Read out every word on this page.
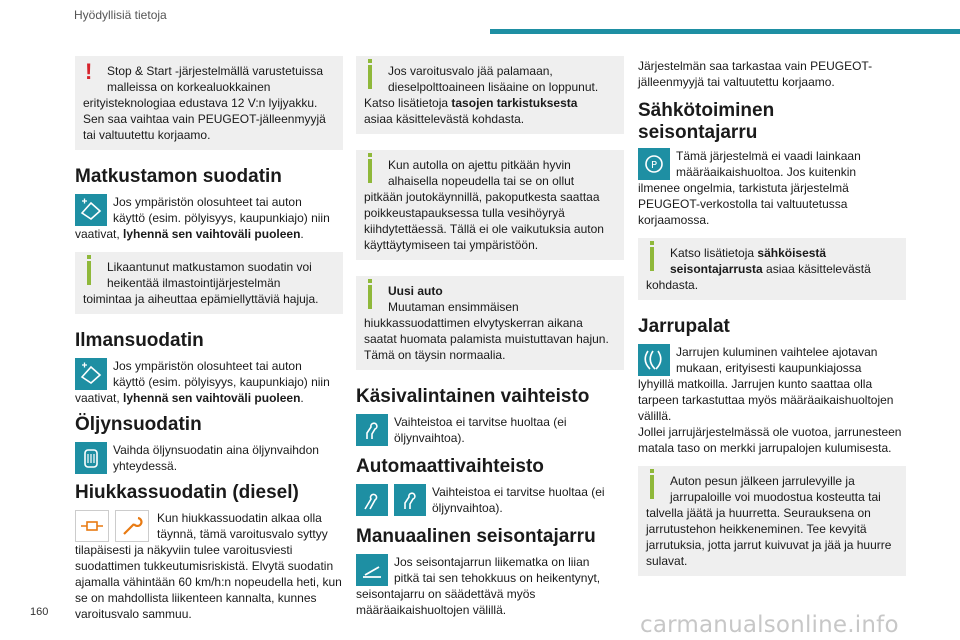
Hyödyllisiä tietoja
160	carmanualsonline.info
!	Stop & Start -järjestelmällä varustetuissa

malleissa on korkealuokkainen

erityisteknologiaa edustava 12 V:n lyijyakku. Sen saa vaihtaa vain PEUGEOT-jälleenmyyjä tai valtuutettu korjaamo.

Matkustamon suodatin

Jos ympäristön olosuhteet tai auton

käyttö (esim. pölyisyys, kaupunkiajo) niin

vaativat, lyhennä sen vaihtoväli puoleen.

Likaantunut matkustamon suodatin voi

heikentää ilmastointijärjestelmän

toimintaa ja aiheuttaa epämiellyttäviä hajuja.

Ilmansuodatin

Jos ympäristön olosuhteet tai auton

käyttö (esim. pölyisyys, kaupunkiajo) niin

vaativat, lyhennä sen vaihtoväli puoleen.

Öljynsuodatin

Vaihda öljynsuodatin aina öljynvaihdon

yhteydessä.

Hiukkassuodatin (diesel)

Kun hiukkassuodatin alkaa olla

täynnä, tämä varoitusvalo syttyy

tilapäisesti ja näkyviin tulee varoitusviesti suodattimen tukkeutumisriskistä. Elvytä suodatin ajamalla vähintään 60 km/h:n nopeudella heti, kun se on mahdollista liikenteen kannalta, kunnes varoitusvalo sammuu.

Jos varoitusvalo jää palamaan,

dieselpolttoaineen lisäaine on loppunut.

Katso lisätietoja tasojen tarkistuksesta

asiaa käsittelevästä kohdasta.

Kun autolla on ajettu pitkään hyvin

alhaisella nopeudella tai se on ollut

pitkään joutokäynnillä, pakoputkesta saattaa poikkeustapauksessa tulla vesihöyryä kiihdytettäessä. Tällä ei ole vaikutuksia auton käyttäytymiseen tai ympäristöön.

Uusi auto

Muutaman ensimmäisen

hiukkassuodattimen elvytyskerran aikana saatat huomata palamista muistuttavan hajun. Tämä on täysin normaalia.

Käsivalintainen vaihteisto

Vaihteistoa ei tarvitse huoltaa (ei

öljynvaihtoa).

Automaattivaihteisto

Vaihteistoa ei tarvitse huoltaa (ei

öljynvaihtoa).

Manuaalinen seisontajarru

Jos seisontajarrun liikematka on liian

pitkä tai sen tehokkuus on heikentynyt,

seisontajarru on säädettävä myös määräaikaishuoltojen välillä.

Järjestelmän saa tarkastaa vain PEUGEOT-jälleenmyyjä tai valtuutettu korjaamo.

Sähkötoiminen
seisontajarru
P

Tämä järjestelmä ei vaadi lainkaan

määräaikaishuoltoa. Jos kuitenkin

ilmenee ongelmia, tarkistuta järjestelmä PEUGEOT-verkostolla tai valtuutetussa korjaamossa.

Katso lisätietoja sähköisestä

seisontajarrusta asiaa käsittelevästä

kohdasta.

Jarrupalat

Jarrujen kuluminen vaihtelee ajotavan

mukaan, erityisesti kaupunkiajossa

lyhyillä matkoilla. Jarrujen kunto saattaa olla tarpeen tarkastuttaa myös määräaikaishuoltojen välillä.

Jollei jarrujärjestelmässä ole vuotoa, jarrunesteen matala taso on merkki jarrupalojen kulumisesta.

Auton pesun jälkeen jarrulevyille ja

jarrupaloille voi muodostua kosteutta tai

talvella jäätä ja huurretta. Seurauksena on jarrutustehon heikkeneminen. Tee kevyitä jarrutuksia, jotta jarrut kuivuvat ja jää ja huurre sulavat.
